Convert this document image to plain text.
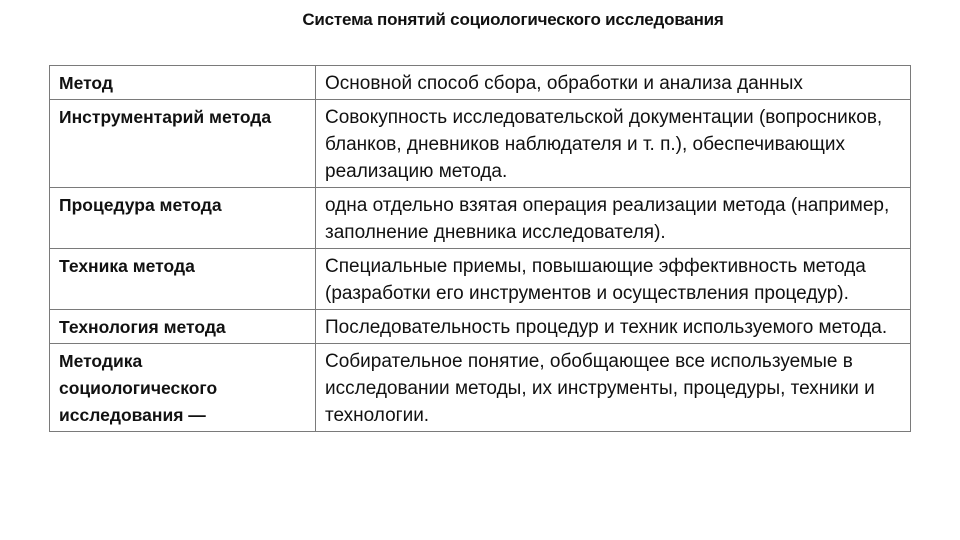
Система понятий социологического исследования
Метод	Основной способ сбора, обработки и анализа данных
Инструментарий метода	Совокупность исследовательской документации (вопросников, бланков, дневников наблюдателя и т. п.), обеспечивающих реализацию метода.
Процедура метода	одна отдельно взятая операция реализации метода (например, заполнение дневника исследователя).
Техника метода	Специальные приемы, повышающие эффективность метода (разработки его инструментов и осуществления процедур).
Технология метода	Последовательность процедур и техник используемого метода.
Методика социологического исследования —	Собирательное понятие, обобщающее все используемые в исследовании методы, их инструменты, процедуры, техники и технологии.
